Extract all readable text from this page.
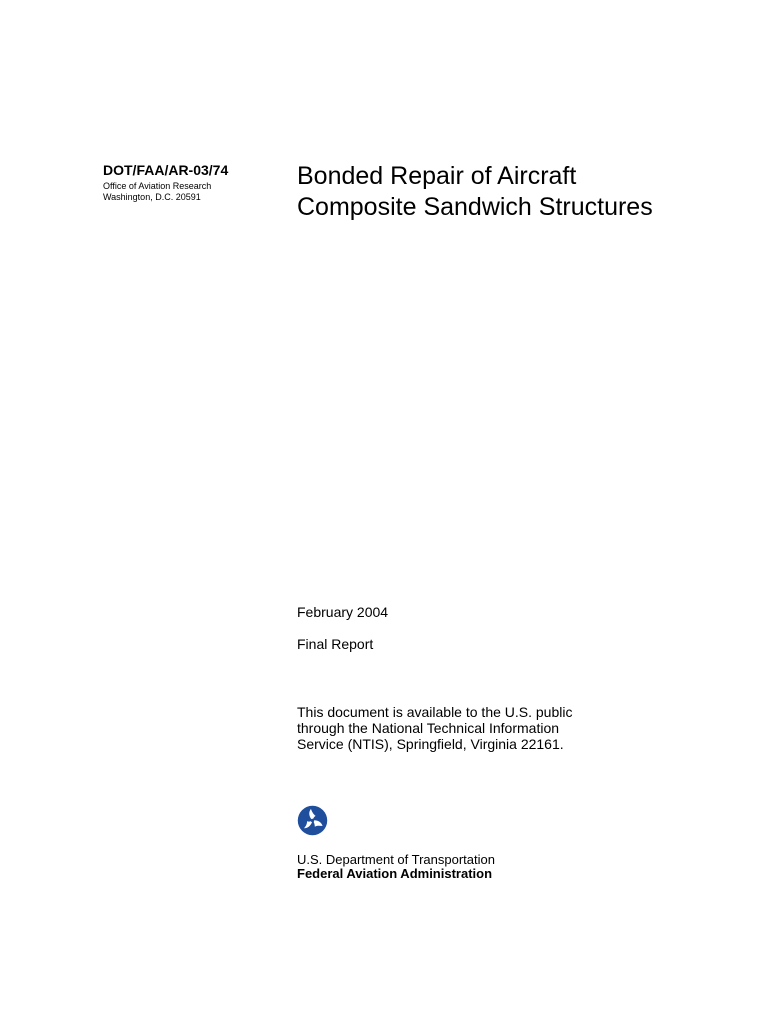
DOT/FAA/AR-03/74
Office of Aviation Research
Washington, D.C. 20591
Bonded Repair of Aircraft
Composite Sandwich Structures
February 2004
Final Report
This document is available to the U.S. public
through the National Technical Information
Service (NTIS), Springfield, Virginia 22161.
U.S. Department of Transportation
Federal Aviation Administration
